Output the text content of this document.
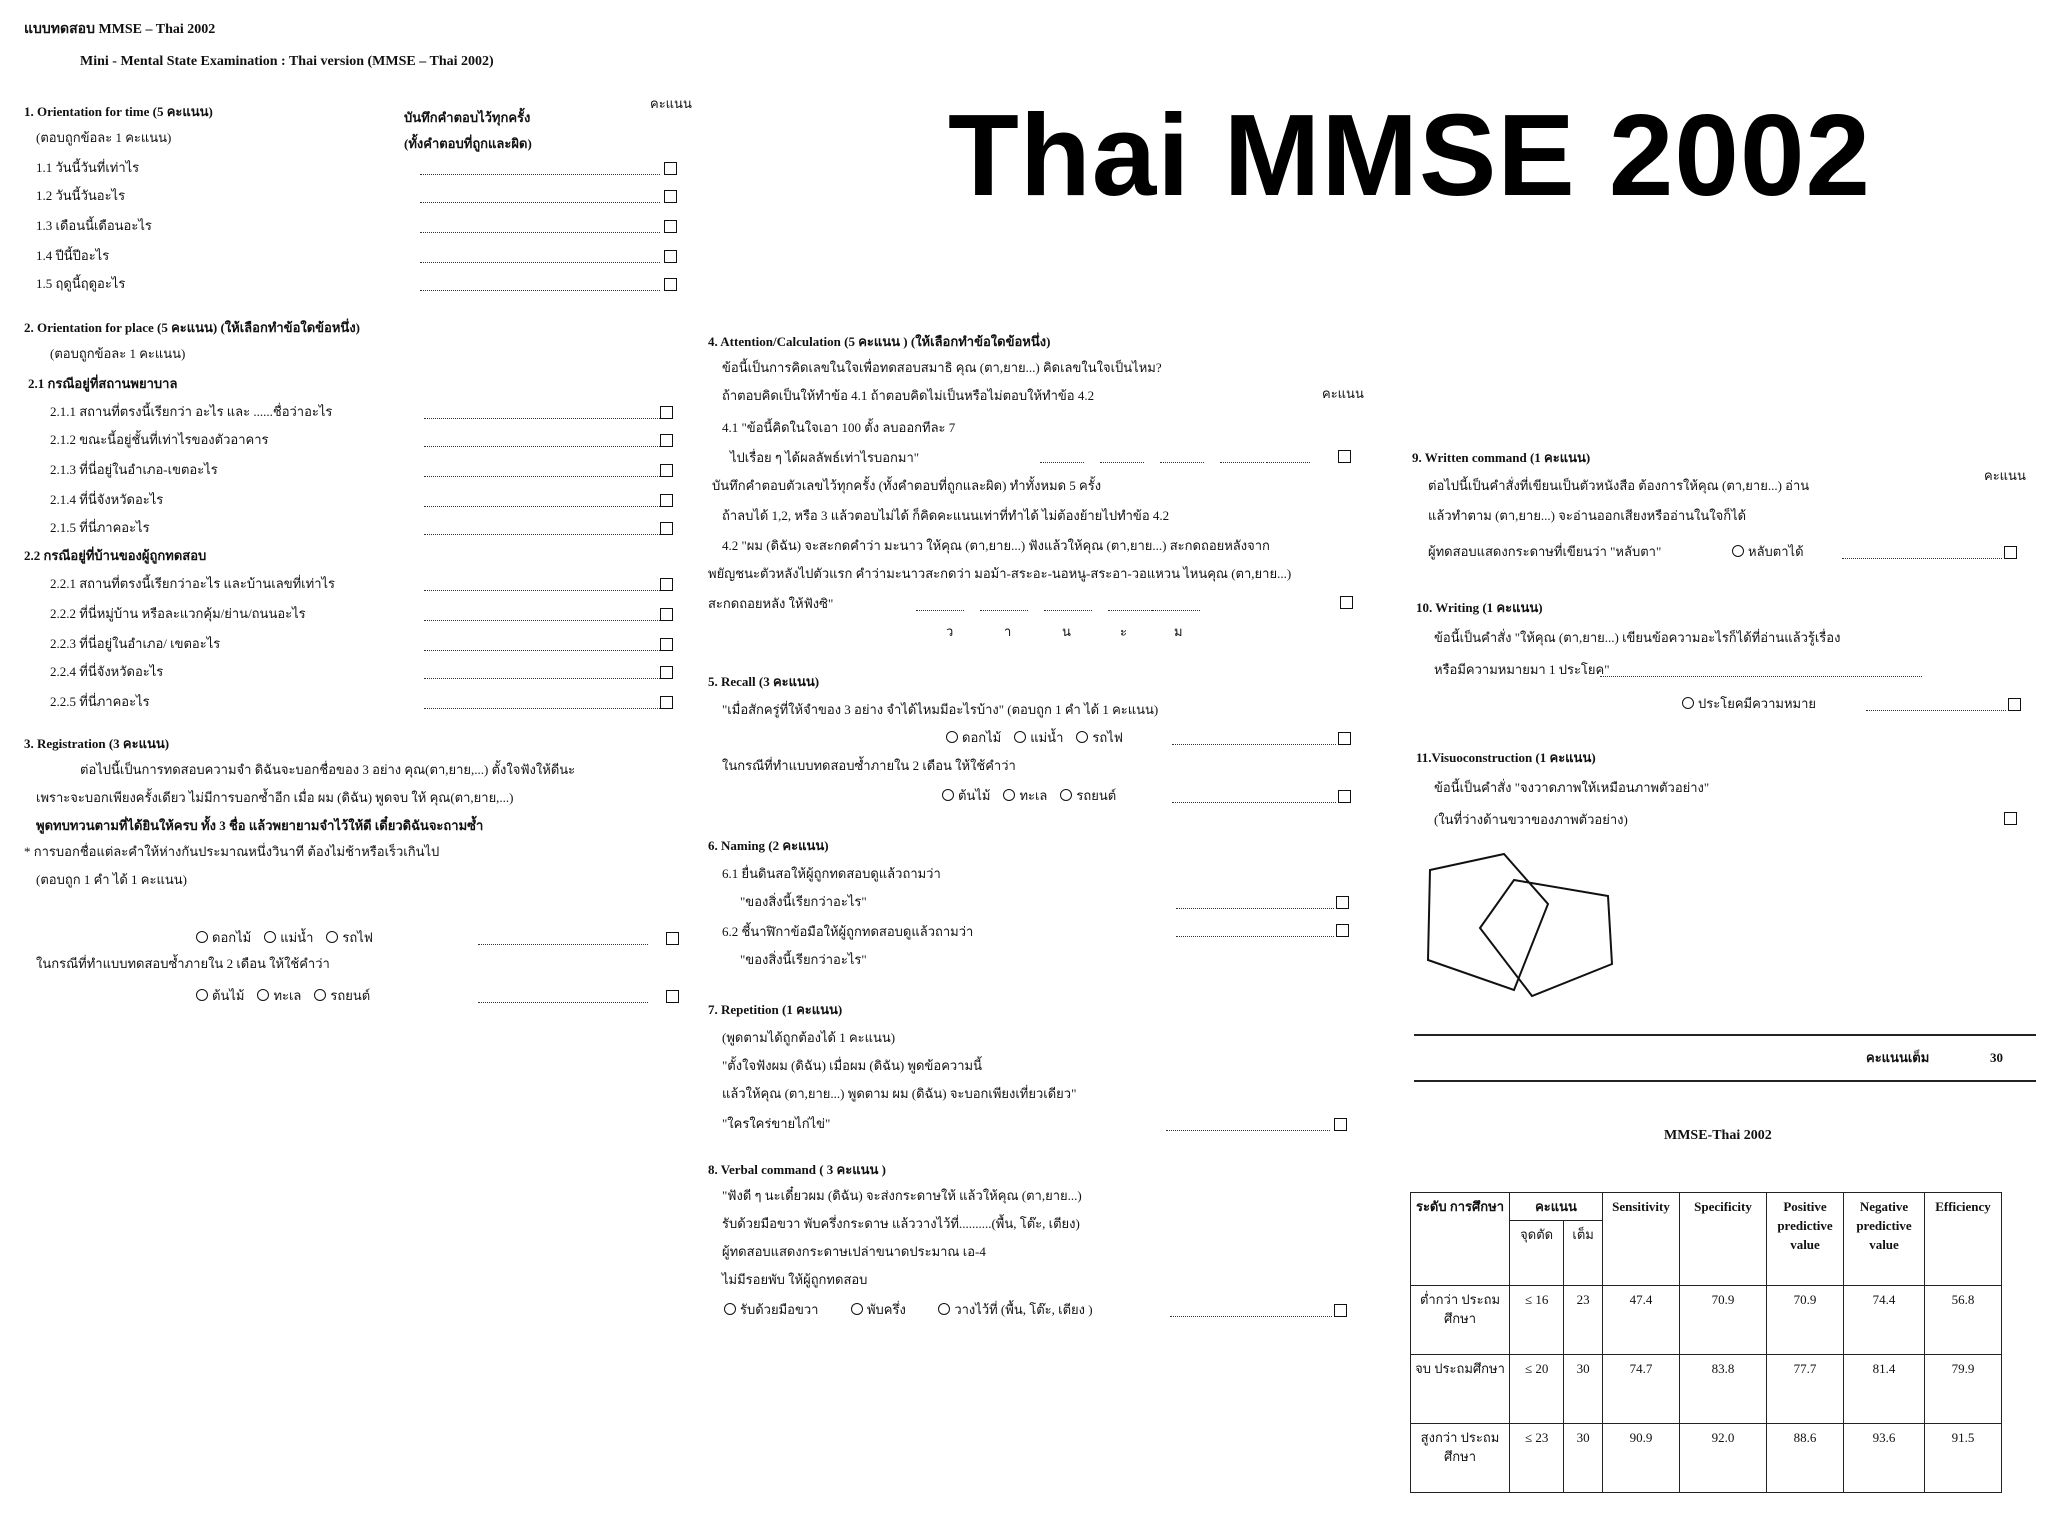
Thai MMSE 2002
แบบทดสอบ MMSE – Thai 2002
Mini - Mental State Examination : Thai version (MMSE – Thai 2002)
1. Orientation for time (5 คะแนน)
คะแนน
บันทึกคำตอบไว้ทุกครั้ง
(ทั้งคำตอบที่ถูกและผิด)
(ตอบถูกข้อละ 1 คะแนน)
1.1 วันนี้วันที่เท่าไร
1.2 วันนี้วันอะไร
1.3 เดือนนี้เดือนอะไร
1.4 ปีนี้ปีอะไร
1.5 ฤดูนี้ฤดูอะไร
2. Orientation for place (5 คะแนน) (ให้เลือกทำข้อใดข้อหนึ่ง)
(ตอบถูกข้อละ 1 คะแนน)
2.1 กรณีอยู่ที่สถานพยาบาล
2.1.1 สถานที่ตรงนี้เรียกว่า อะไร และ ......ชื่อว่าอะไร
2.1.2 ขณะนี้อยู่ชั้นที่เท่าไรของตัวอาคาร
2.1.3 ที่นี่อยู่ในอำเภอ-เขตอะไร
2.1.4 ที่นี่จังหวัดอะไร
2.1.5 ที่นี่ภาคอะไร
2.2 กรณีอยู่ที่บ้านของผู้ถูกทดสอบ
2.2.1 สถานที่ตรงนี้เรียกว่าอะไร และบ้านเลขที่เท่าไร
2.2.2 ที่นี่หมู่บ้าน หรือละแวกคุ้ม/ย่าน/ถนนอะไร
2.2.3 ที่นี่อยู่ในอำเภอ/ เขตอะไร
2.2.4 ที่นี่จังหวัดอะไร
2.2.5 ที่นี่ภาคอะไร
3. Registration (3 คะแนน)
ต่อไปนี้เป็นการทดสอบความจำ ดิฉันจะบอกชื่อของ 3 อย่าง คุณ(ตา,ยาย,...) ตั้งใจฟังให้ดีนะ
เพราะจะบอกเพียงครั้งเดียว ไม่มีการบอกซ้ำอีก เมื่อ ผม (ดิฉัน) พูดจบ ให้ คุณ(ตา,ยาย,...)
พูดทบทวนตามที่ได้ยินให้ครบ ทั้ง 3 ชื่อ แล้วพยายามจำไว้ให้ดี เดี๋ยวดิฉันจะถามซ้ำ
* การบอกชื่อแต่ละคำให้ห่างกันประมาณหนึ่งวินาที ต้องไม่ช้าหรือเร็วเกินไป
(ตอบถูก 1 คำ ได้ 1 คะแนน)
ดอกไม้ แม่น้ำ รถไฟ
ในกรณีที่ทำแบบทดสอบซ้ำภายใน 2 เดือน ให้ใช้คำว่า
ต้นไม้ ทะเล รถยนต์
4. Attention/Calculation (5 คะแนน ) (ให้เลือกทำข้อใดข้อหนึ่ง)
ข้อนี้เป็นการคิดเลขในใจเพื่อทดสอบสมาธิ คุณ (ตา,ยาย...) คิดเลขในใจเป็นไหม?
ถ้าตอบคิดเป็นให้ทำข้อ 4.1 ถ้าตอบคิดไม่เป็นหรือไม่ตอบให้ทำข้อ 4.2	คะแนน
4.1 "ข้อนี้คิดในใจเอา 100 ตั้ง ลบออกทีละ 7
ไปเรื่อย ๆ ได้ผลลัพธ์เท่าไรบอกมา"
บันทึกคำตอบตัวเลขไว้ทุกครั้ง (ทั้งคำตอบที่ถูกและผิด) ทำทั้งหมด 5 ครั้ง
ถ้าลบได้ 1,2, หรือ 3 แล้วตอบไม่ได้ ก็คิดคะแนนเท่าที่ทำได้ ไม่ต้องย้ายไปทำข้อ 4.2
4.2 "ผม (ดิฉัน) จะสะกดคำว่า มะนาว ให้คุณ (ตา,ยาย...) ฟังแล้วให้คุณ (ตา,ยาย...) สะกดถอยหลังจาก
พยัญชนะตัวหลังไปตัวแรก คำว่ามะนาวสะกดว่า มอม้า-สระอะ-นอหนู-สระอา-วอแหวน ไหนคุณ (ตา,ยาย...)
สะกดถอยหลัง ให้ฟังซิ"
ว	า	น	ะ	ม
5. Recall (3 คะแนน)
"เมื่อสักครู่ที่ให้จำของ 3 อย่าง จำได้ไหมมีอะไรบ้าง" (ตอบถูก 1 คำ ได้ 1 คะแนน)
ดอกไม้ แม่น้ำ รถไฟ
ในกรณีที่ทำแบบทดสอบซ้ำภายใน 2 เดือน ให้ใช้คำว่า
ต้นไม้ ทะเล รถยนต์
6. Naming (2 คะแนน)
6.1 ยื่นดินสอให้ผู้ถูกทดสอบดูแล้วถามว่า
"ของสิ่งนี้เรียกว่าอะไร"
6.2 ชี้นาฬิกาข้อมือให้ผู้ถูกทดสอบดูแล้วถามว่า
"ของสิ่งนี้เรียกว่าอะไร"
7. Repetition (1 คะแนน)
(พูดตามได้ถูกต้องได้ 1 คะแนน)
"ตั้งใจฟังผม (ดิฉัน) เมื่อผม (ดิฉัน) พูดข้อความนี้
แล้วให้คุณ (ตา,ยาย...) พูดตาม ผม (ดิฉัน) จะบอกเพียงเที่ยวเดียว"
"ใครใคร่ขายไก่ไข่"
8. Verbal command ( 3 คะแนน )
"ฟังดี ๆ นะเดี๋ยวผม (ดิฉัน) จะส่งกระดาษให้ แล้วให้คุณ (ตา,ยาย...)
รับด้วยมือขวา พับครึ่งกระดาษ แล้ววางไว้ที่..........(พื้น, โต๊ะ, เตียง)
ผู้ทดสอบแสดงกระดาษเปล่าขนาดประมาณ เอ-4
ไม่มีรอยพับ ให้ผู้ถูกทดสอบ
รับด้วยมือขวา	พับครึ่ง	วางไว้ที่ (พื้น, โต๊ะ, เตียง )
9. Written command (1 คะแนน)
คะแนน
ต่อไปนี้เป็นคำสั่งที่เขียนเป็นตัวหนังสือ ต้องการให้คุณ (ตา,ยาย...) อ่าน
แล้วทำตาม (ตา,ยาย...) จะอ่านออกเสียงหรืออ่านในใจก็ได้
ผู้ทดสอบแสดงกระดาษที่เขียนว่า "หลับตา"	หลับตาได้
10. Writing (1 คะแนน)
ข้อนี้เป็นคำสั่ง "ให้คุณ (ตา,ยาย...) เขียนข้อความอะไรก็ได้ที่อ่านแล้วรู้เรื่อง
หรือมีความหมายมา 1 ประโยค"
ประโยคมีความหมาย
11.Visuoconstruction (1 คะแนน)
ข้อนี้เป็นคำสั่ง "จงวาดภาพให้เหมือนภาพตัวอย่าง"
(ในที่ว่างด้านขวาของภาพตัวอย่าง)
คะแนนเต็ม	30
MMSE-Thai 2002
ระดับ การศึกษา	คะแนน		Sensitivity	Specificity	Positive predictive value	Negative predictive value	Efficiency
	จุดตัด	เต็ม					
ต่ำกว่า ประถมศึกษา	≤ 16	23	47.4	70.9	70.9	74.4	56.8
จบ ประถมศึกษา	≤ 20	30	74.7	83.8	77.7	81.4	79.9
สูงกว่า ประถมศึกษา	≤ 23	30	90.9	92.0	88.6	93.6	91.5
